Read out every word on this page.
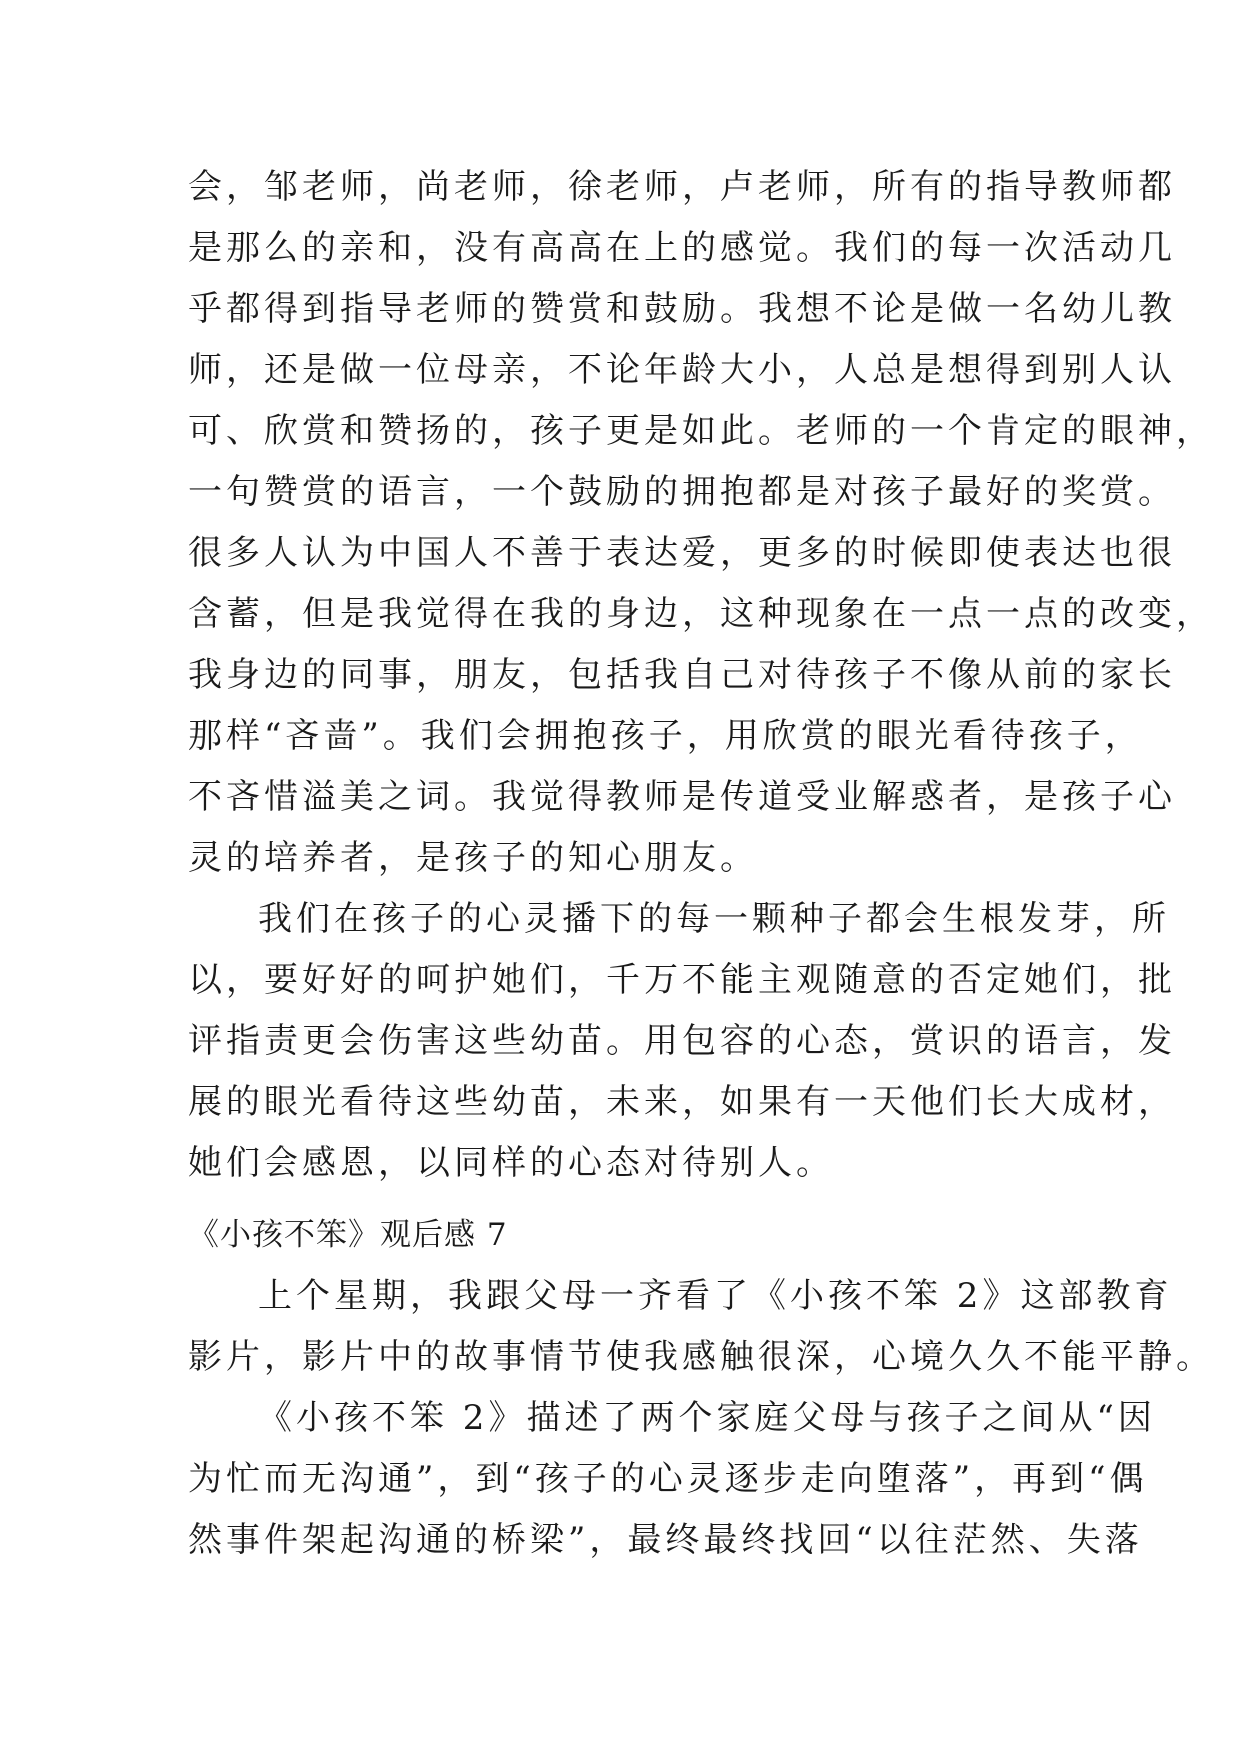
会，邹老师，尚老师，徐老师，卢老师，所有的指导教师都
是那么的亲和，没有高高在上的感觉。我们的每一次活动几
乎都得到指导老师的赞赏和鼓励。我想不论是做一名幼儿教
师，还是做一位母亲，不论年龄大小，人总是想得到别人认
可、欣赏和赞扬的，孩子更是如此。老师的一个肯定的眼神，
一句赞赏的语言，一个鼓励的拥抱都是对孩子最好的奖赏。
很多人认为中国人不善于表达爱，更多的时候即使表达也很
含蓄，但是我觉得在我的身边，这种现象在一点一点的改变，
我身边的同事，朋友，包括我自己对待孩子不像从前的家长
那样“吝啬”。我们会拥抱孩子，用欣赏的眼光看待孩子，
不吝惜溢美之词。我觉得教师是传道受业解惑者，是孩子心
灵的培养者，是孩子的知心朋友。
我们在孩子的心灵播下的每一颗种子都会生根发芽，所
以，要好好的呵护她们，千万不能主观随意的否定她们，批
评指责更会伤害这些幼苗。用包容的心态，赏识的语言，发
展的眼光看待这些幼苗，未来，如果有一天他们长大成材，
她们会感恩，以同样的心态对待别人。
《小孩不笨》观后感 7
上个星期，我跟父母一齐看了《小孩不笨 2》这部教育
影片，影片中的故事情节使我感触很深，心境久久不能平静。
《小孩不笨 2》描述了两个家庭父母与孩子之间从“因
为忙而无沟通”，到“孩子的心灵逐步走向堕落”，再到“偶
然事件架起沟通的桥梁”，最终最终找回“以往茫然、失落
